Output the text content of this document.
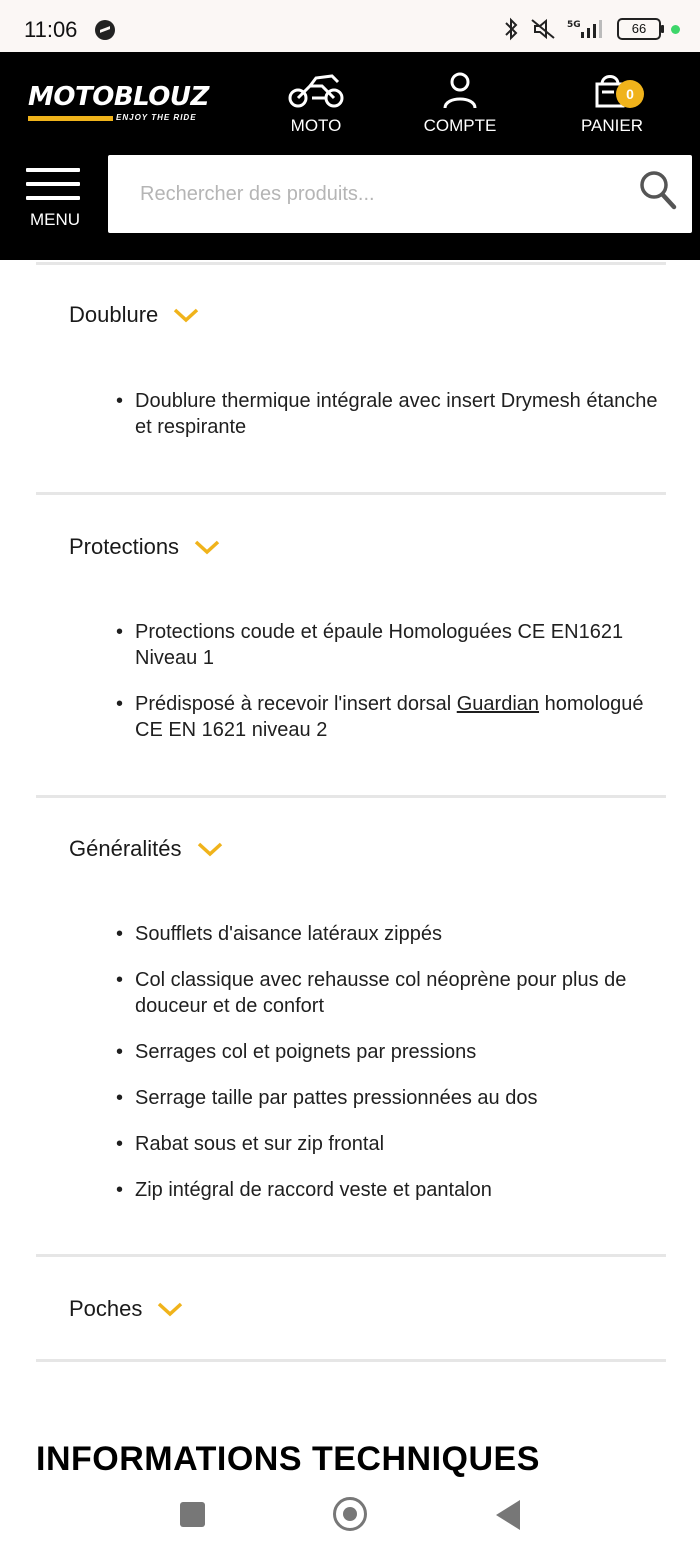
11:06	5G	66
MOTOBLOUZ
ENJOY THE RIDE	MOTO	COMPTE
0
PANIER
MENU
Rechercher des produits...
Doublure
• Doublure thermique intégrale avec insert Drymesh étanche et respirante
Protections
• Protections coude et épaule Homologuées CE EN1621 Niveau 1
• Prédisposé à recevoir l'insert dorsal Guardian homologué CE EN 1621 niveau 2
Généralités
• Soufflets d'aisance latéraux zippés
• Col classique avec rehausse col néoprène pour plus de douceur et de confort
• Serrages col et poignets par pressions
• Serrage taille par pattes pressionnées au dos
• Rabat sous et sur zip frontal
• Zip intégral de raccord veste et pantalon
Poches
INFORMATIONS TECHNIQUES
